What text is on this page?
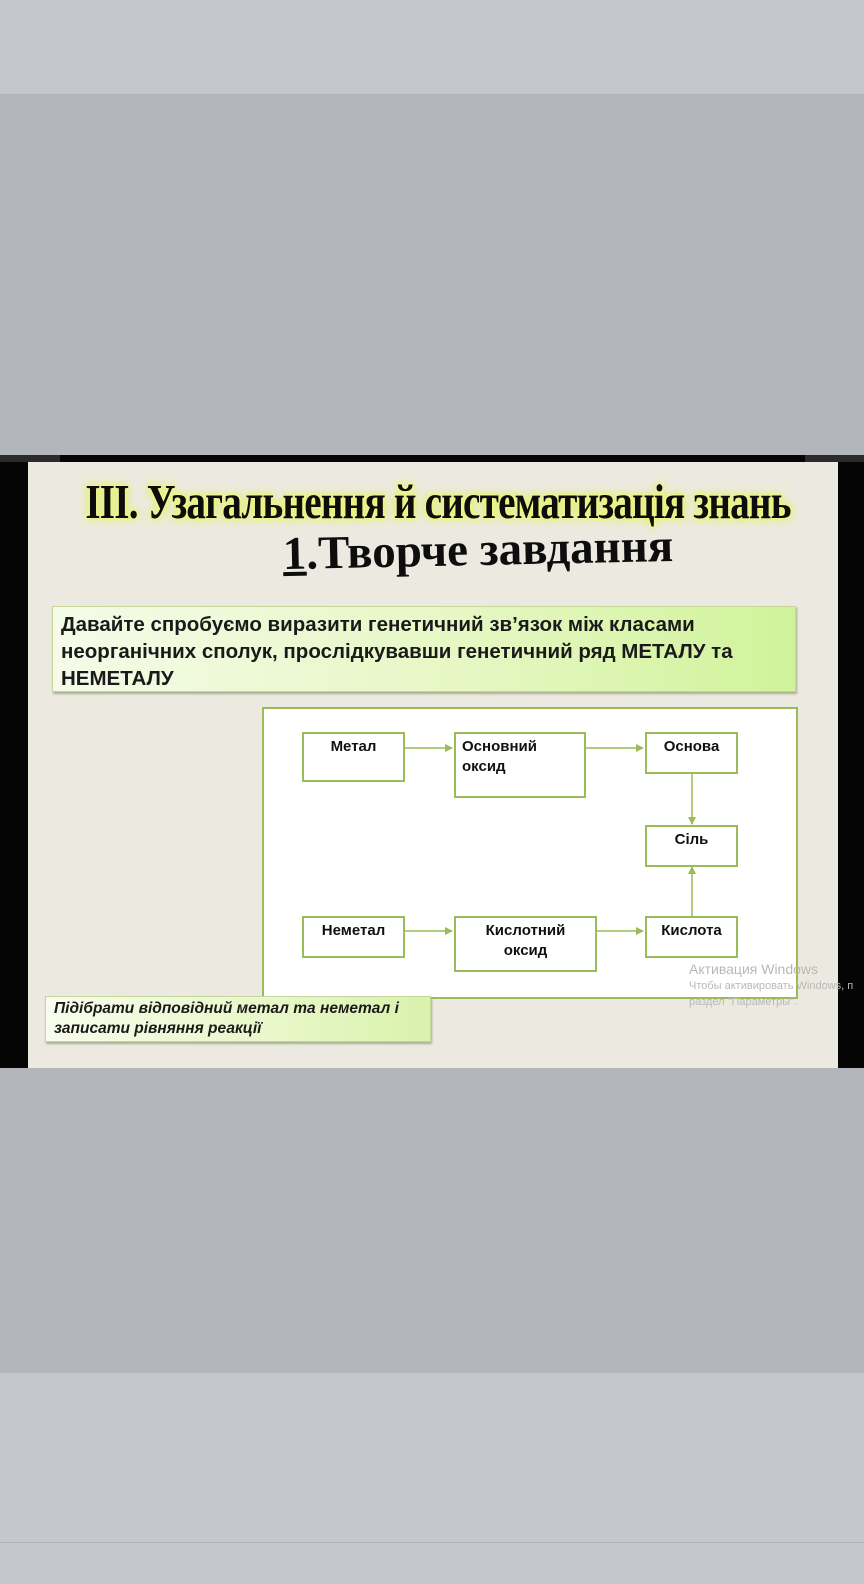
III. Узагальнення й систематизація знань
1.Творче завдання
Давайте спробуємо виразити генетичний зв’язок між класами неорганічних сполук, прослідкувавши генетичний ряд МЕТАЛУ та НЕМЕТАЛУ
Метал	Основний оксид
Основа
Сіль
Неметал	Кислотний оксид
Кислота
Підібрати відповідний метал та неметал і записати рівняння реакції
Активация Windows
Чтобы активировать Windows, п
раздел "Параметры".
